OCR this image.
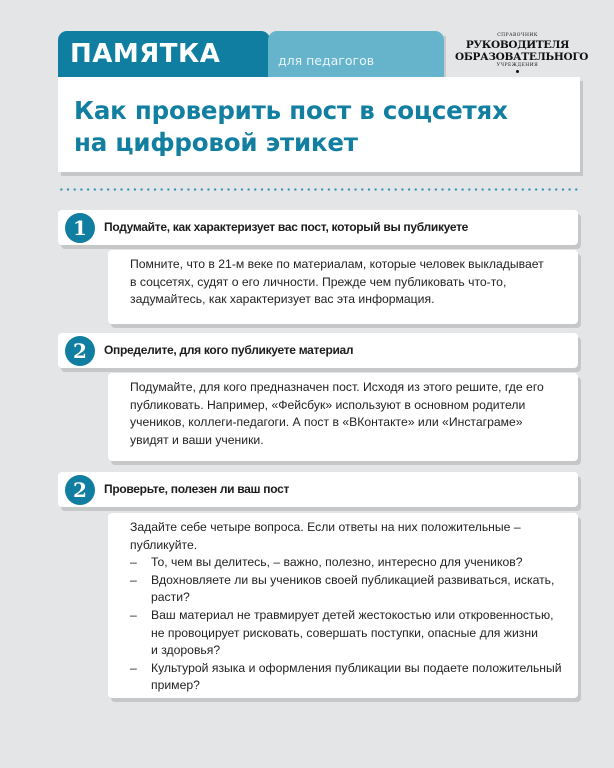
ПАМЯТКА	для педагогов
СПРАВОЧНИК
РУКОВОДИТЕЛЯ
ОБРАЗОВАТЕЛЬНОГО
УЧРЕЖДЕНИЯ
Как проверить пост в соцсетях
на цифровой этикет
1	Подумайте, как характеризует вас пост, который вы публикуете

Помните, что в 21-м веке по материалам, которые человек выкладывает

в соцсетях, судят о его личности. Прежде чем публиковать что-то,

задумайтесь, как характеризует вас эта информация.

2	Определите, для кого публикуете материал

Подумайте, для кого предназначен пост. Исходя из этого решите, где его

публиковать. Например, «Фейсбук» используют в основном родители

учеников, коллеги-педагоги. А пост в «ВКонтакте» или «Инстаграме»

увидят и ваши ученики.

2	Проверьте, полезен ли ваш пост

Задайте себе четыре вопроса. Если ответы на них положительные –

публикуйте.

– То, чем вы делитесь, – важно, полезно, интересно для учеников?
– Вдохновляете ли вы учеников своей публикацией развиваться, искать,
расти?
– Ваш материал не травмирует детей жестокостью или откровенностью,
не провоцирует рисковать, совершать поступки, опасные для жизни
и здоровья?
– Культурой языка и оформления публикации вы подаете положительный
пример?
